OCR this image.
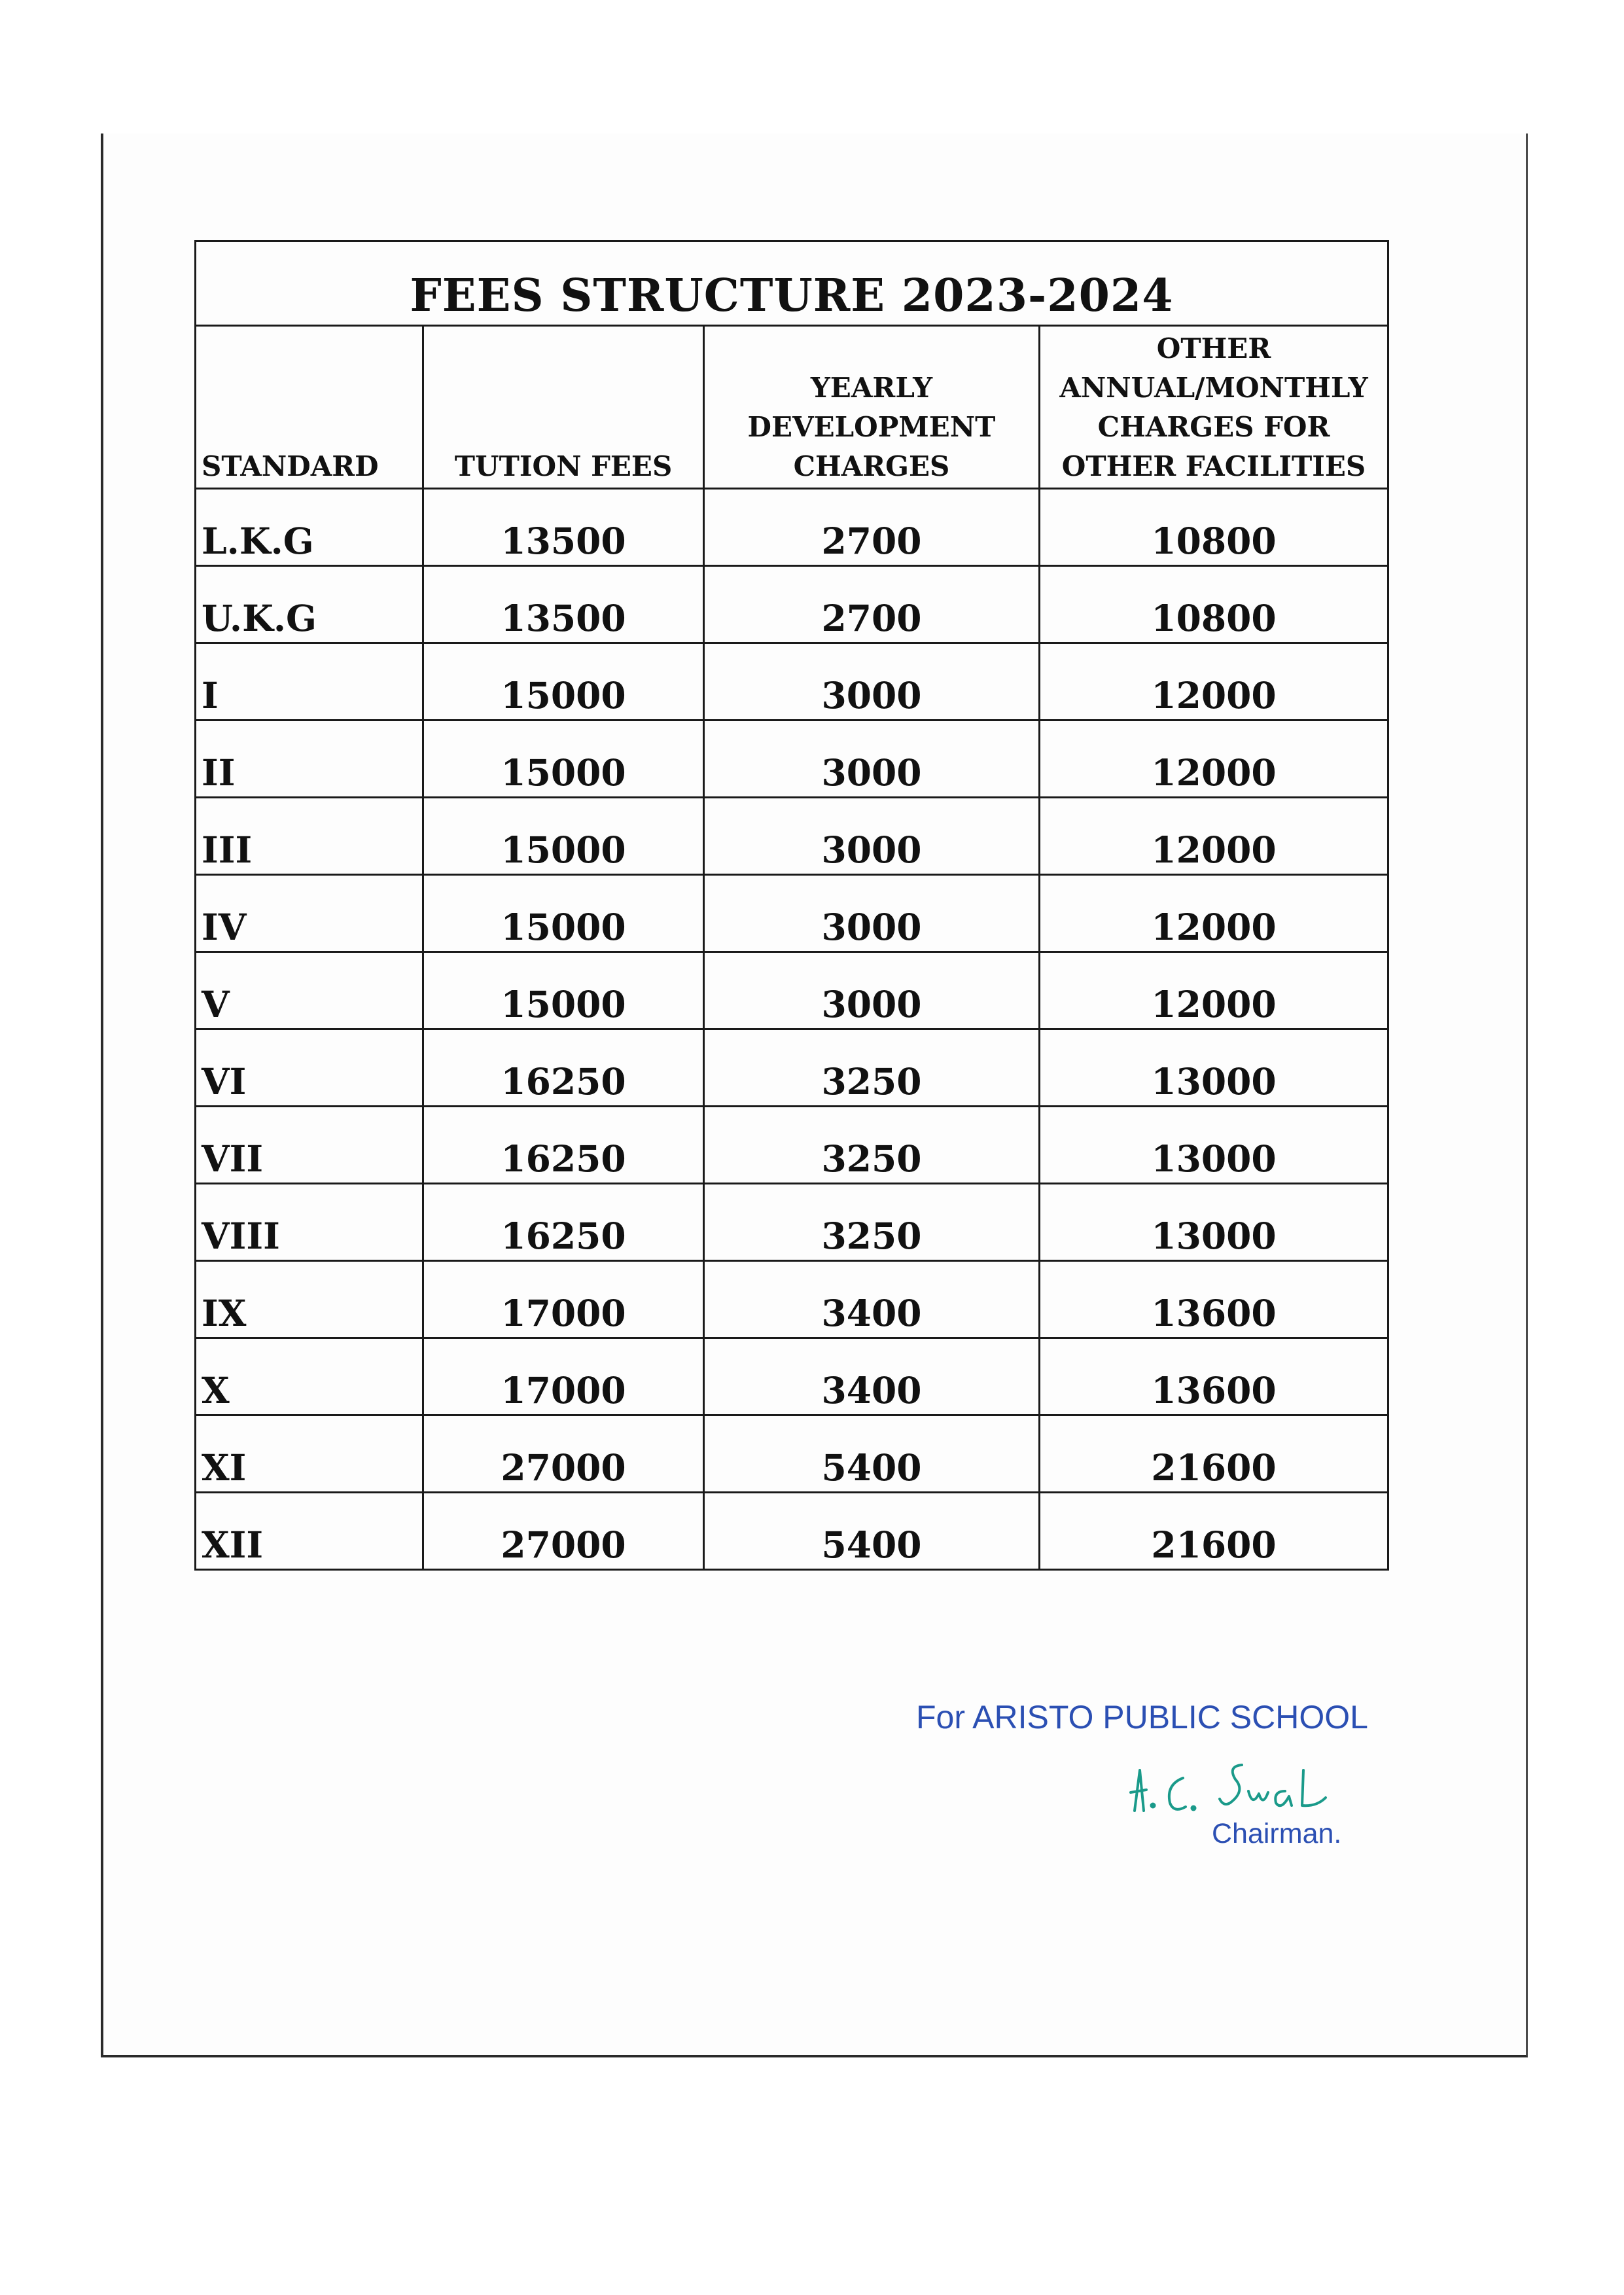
FEES STRUCTURE 2023-2024			
STANDARD	TUTION FEES	YEARLY DEVELOPMENT CHARGES	OTHER ANNUAL/MONTHLY CHARGES FOR OTHER FACILITIES
L.K.G	13500	2700	10800
U.K.G	13500	2700	10800
I	15000	3000	12000
II	15000	3000	12000
III	15000	3000	12000
IV	15000	3000	12000
V	15000	3000	12000
VI	16250	3250	13000
VII	16250	3250	13000
VIII	16250	3250	13000
IX	17000	3400	13600
X	17000	3400	13600
XI	27000	5400	21600
XII	27000	5400	21600
For ARISTO PUBLIC SCHOOL
Chairman.
